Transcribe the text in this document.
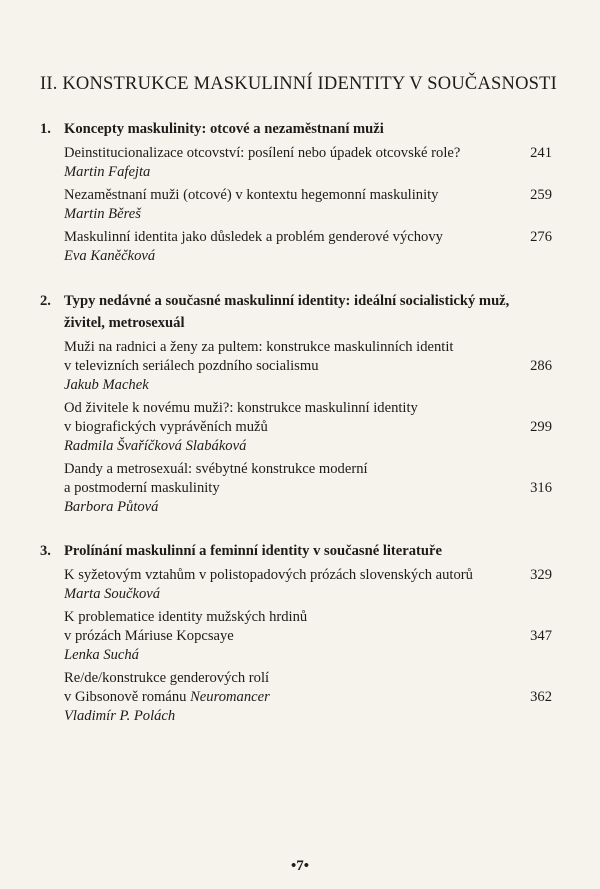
II. KONSTRUKCE MASKULINNÍ IDENTITY V SOUČASNOSTI
1. Koncepty maskulinity: otcové a nezaměstnaní muži
Deinstitucionalizace otcovství: posílení nebo úpadek otcovské role?
Martin Fafejta
241
Nezaměstnaní muži (otcové) v kontextu hegemonní maskulinity
Martin Běreš
259
Maskulinní identita jako důsledek a problém genderové výchovy
Eva Kaněčková
276
2. Typy nedávné a současné maskulinní identity: ideální socialistický muž,
živitel, metrosexuál
Muži na radnici a ženy za pultem: konstrukce maskulinních identit
v televizních seriálech pozdního socialismu
Jakub Machek
286
Od živitele k novému muži?: konstrukce maskulinní identity
v biografických vyprávěních mužů
Radmila Švaříčková Slabáková
299
Dandy a metrosexuál: svébytné konstrukce moderní
a postmoderní maskulinity
Barbora Půtová
316
3. Prolínání maskulinní a feminní identity v současné literatuře
K syžetovým vztahům v polistopadových prózách slovenských autorů
Marta Součková
329
K problematice identity mužských hrdinů
v prózách Máriuse Kopcsaye
Lenka Suchá
347
Re/de/konstrukce genderových rolí
v Gibsonově románu Neuromancer
Vladimír P. Polách
362
•7•
